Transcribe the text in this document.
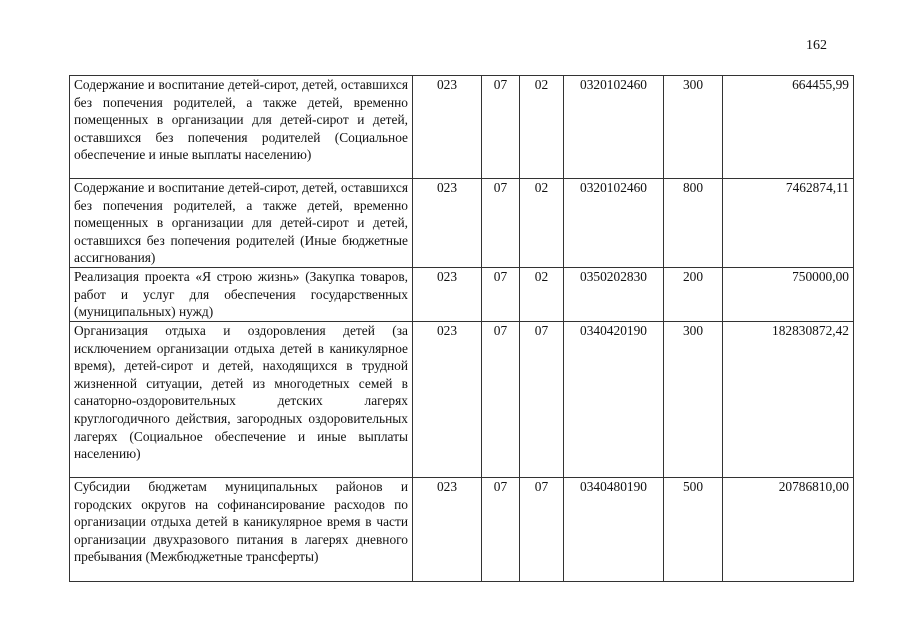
162
Содержание и воспитание детей-сирот, детей, оставшихся без попечения родителей, а также детей, временно помещенных в организации для детей-сирот и детей, оставшихся без попечения родителей (Социальное обеспечение и иные выплаты населению)	023	07	02	0320102460	300	664455,99
Содержание и воспитание детей-сирот, детей, оставшихся без попечения родителей, а также детей, временно помещенных в организации для детей-сирот и детей, оставшихся без попечения родителей (Иные бюджетные ассигнования)	023	07	02	0320102460	800	7462874,11
Реализация проекта «Я строю жизнь» (Закупка товаров, работ и услуг для обеспечения государственных (муниципальных) нужд)	023	07	02	0350202830	200	750000,00
Организация отдыха и оздоровления детей (за исключением организации отдыха детей в каникулярное время), детей-сирот и детей, находящихся в трудной жизненной ситуации, детей из многодетных семей в санаторно-оздоровительных детских лагерях круглогодичного действия, загородных оздоровительных лагерях (Социальное обеспечение и иные выплаты населению)	023	07	07	0340420190	300	182830872,42
Субсидии бюджетам муниципальных районов и городских округов на софинансирование расходов по организации отдыха детей в каникулярное время в части организации двухразового питания в лагерях дневного пребывания (Межбюджетные трансферты)	023	07	07	0340480190	500	20786810,00
